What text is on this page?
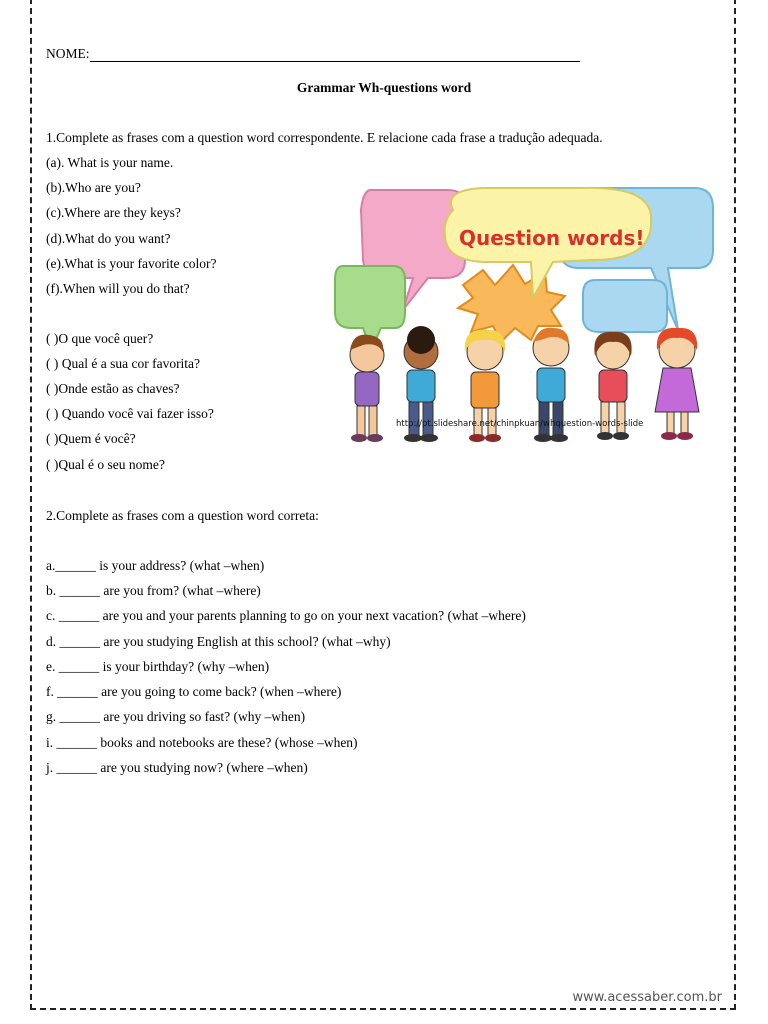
NOME:
Grammar Wh-questions word
1.Complete as frases com a question word correspondente. E relacione cada frase a tradução adequada.
(a). What is your name.
(b).Who are you?
(c).Where are they keys?
(d).What do you want?
(e).What is your favorite color?
(f).When will you do that?
( )O que você quer?
( ) Qual é a sua cor favorita?
( )Onde estão as chaves?
( ) Quando você vai fazer isso?
( )Quem é você?
( )Qual é o seu nome?
2.Complete as frases com a question word correta:
a.______ is your address? (what –when)
b. ______ are you from? (what –where)
c. ______ are you and your parents planning to go on your next vacation? (what –where)
d. ______ are you studying English at this school? (what –why)
e. ______ is your birthday? (why –when)
f. ______ are you going to come back? (when –where)
g. ______ are you driving so fast? (why –when)
i. ______ books and notebooks are these? (whose –when)
j. ______ are you studying now? (where –when)
Question words!
http://pt.slideshare.net/chinpkuan/whquestion-words-slide
www.acessaber.com.br
